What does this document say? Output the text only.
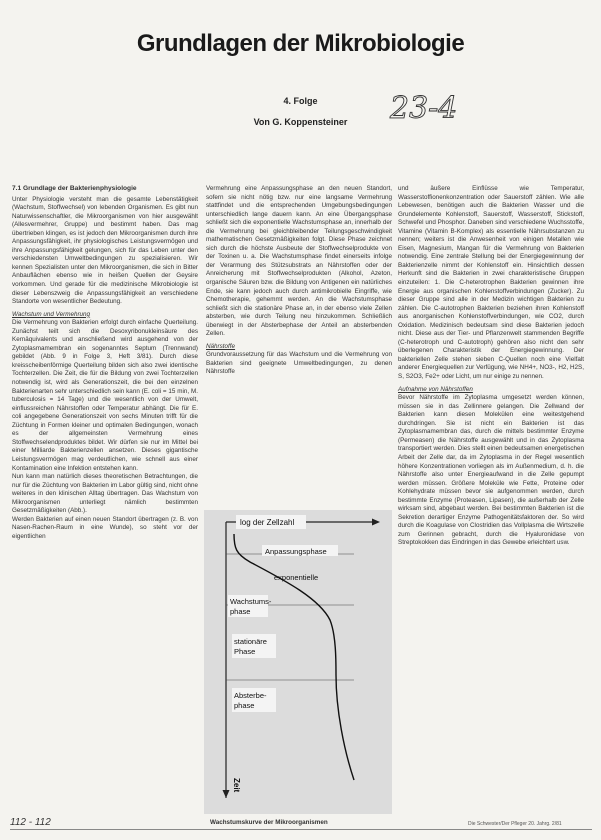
Grundlagen der Mikrobiologie
4. Folge
Von G. Koppensteiner	23-4
7.1 Grundlage der Bakterienphysiologie

Unter Physiologie versteht man die gesamte Lebenstätigkeit (Wachstum, Stoffwechsel) von lebenden Organismen. Es gibt nun Naturwissenschaftler, die Mikroorganismen von hier ausgewählt (Allesvermehrer, Gruppe) und bestimmt haben. Das mag übertrieben klingen, es ist jedoch den Mikroorganismen durch ihre Anpassungsfähigkeit, ihr physiologisches Leistungsvermögen und ihre Anpassungsfähigkeit gelungen, sich für das Leben unter den verschiedensten Umweltbedingungen zu spezialisieren. Wir kennen Spezialisten unter den Mikroorganismen, die sich in Bitter Anbauflächen ebenso wie in heißen Quellen der Geysire vorkommen. Und gerade für die medizinische Mikrobiologie ist dieser Lebenszweig die Anpassungsfähigkeit an verschiedene Standorte von wesentlicher Bedeutung.

Wachstum und Vermehrung

Die Vermehrung von Bakterien erfolgt durch einfache Querteilung. Zunächst teilt sich die Desoxyribonukleinsäure des Kernäquivalents und anschließend wird ausgehend von der Zytoplasmamembran ein sogenanntes Septum (Trennwand) gebildet (Abb. 9 in Folge 3, Heft 3/81). Durch diese kreisscheibenförmige Querteilung bilden sich also zwei identische Tochterzellen. Die Zeit, die für die Bildung von zwei Tochterzellen notwendig ist, wird als Generationszeit, die bei den einzelnen Bakterienarten sehr unterschiedlich sein kann (E. coli = 15 min, M. tuberculosis = 14 Tage) und die wesentlich von der Umwelt, einflussreichen Nährstoffen oder Temperatur abhängt. Die für E. coli angegebene Generationszeit von sechs Minuten trifft für die Züchtung in Formen kleiner und optimalen Bedingungen, wonach es der allgemeinsten Vermehrung eines Stoffwechselendproduktes bildet. Wir dürfen sie nur im Mittel bei einer Milliarde Bakterienzellen ansetzen. Dieses gigantische Leistungsvermögen mag verdeutlichen, wie schnell aus einer Kontamination eine Infektion entstehen kann.

Nun kann man natürlich dieses theoretischen Betrachtungen, die nur für die Züchtung von Bakterien im Labor gültig sind, nicht ohne weiteres in den klinischen Alltag übertragen. Das Wachstum von Mikroorganismen unterliegt nämlich bestimmten Gesetzmäßigkeiten (Abb.).

Werden Bakterien auf einen neuen Standort übertragen (z. B. von Nasen-Rachen-Raum in eine Wunde), so steht vor der eigentlichen

Vermehrung eine Anpassungsphase an den neuen Standort, sofern sie nicht nötig bzw. nur eine langsame Vermehrung stattfindet und die entsprechenden Umgebungsbedingungen unterschiedlich lange dauern kann. An eine Übergangsphase schließt sich die exponentielle Wachstumsphase an, innerhalb der die Vermehrung bei gleichbleibender Teilungsgeschwindigkeit mathematischen Gesetzmäßigkeiten folgt. Diese Phase zeichnet sich durch die höchste Ausbeute der Stoffwechselprodukte von der Toxinen u. a. Die Wachstumsphase findet einerseits infolge der Verarmung des Stützsubstrats an Nährstoffen oder der Anreicherung mit Stoffwechselprodukten (Alkohol, Azeton, organische Säuren bzw. die Bildung von Antigenen ein natürliches Ende, sie kann jedoch auch durch antimikrobielle Eingriffe, wie Chemotherapie, gehemmt werden. An die Wachstumsphase schließt sich die stationäre Phase an, in der ebenso viele Zellen absterben, wie durch Teilung neu hinzukommen. Schließlich überwiegt in der Absterbephase der Anteil an absterbenden Zellen.

Nährstoffe

Grundvoraussetzung für das Wachstum und die Vermehrung von Bakterien sind geeignete Umweltbedingungen, zu denen Nährstoffe

und äußere Einflüsse wie Temperatur, Wasserstoffionenkonzentration oder Sauerstoff zählen. Wie alle Lebewesen, benötigen auch die Bakterien Wasser und die Grundelemente Kohlenstoff, Sauerstoff, Wasserstoff, Stickstoff, Schwefel und Phosphor. Daneben sind verschiedene Wuchsstoffe, Vitamine (Vitamin B-Komplex) als essentielle Nährsubstanzen zu nennen; weiters ist die Anwesenheit von einigen Metallen wie Eisen, Magnesium, Mangan für die Vermehrung von Bakterien notwendig. Eine zentrale Stellung bei der Energiegewinnung der Bakterienzelle nimmt der Kohlenstoff ein. Hinsichtlich dessen Herkunft sind die Bakterien in zwei charakteristische Gruppen einzuteilen: 1. Die C-heterotrophen Bakterien gewinnen ihre Energie aus organischen Kohlenstoffverbindungen (Zucker). Zu dieser Gruppe sind alle in der Medizin wichtigen Bakterien zu zählen. Die C-autotrophen Bakterien beziehen ihren Kohlenstoff aus anorganischen Kohlenstoffverbindungen, wie CO2, durch Oxidation. Medizinisch bedeutsam sind diese Bakterien jedoch nicht. Diese aus der Tier- und Pflanzenwelt stammenden Begriffe (C-heterotroph und C-autotroph) gehören also nicht den sehr überlegenen Charakteristik der Energiegewinnung. Der bakteriellen Zelle stehen sieben C-Quellen noch eine Vielfalt anderer Energiequellen zur Verfügung, wie NH4+, NO3-, H2, H2S, S, S2O3, Fe2+ oder Licht, um nur einige zu nennen.

Aufnahme von Nährstoffen

Bevor Nährstoffe im Zytoplasma umgesetzt werden können, müssen sie in das Zellinnere gelangen. Die Zellwand der Bakterien kann diesen Molekülen eine weitestgehend durchdringen. Sie ist nicht ein Bakterien ist das Zytoplasmamembran das, durch die mittels bestimmter Enzyme (Permeasen) die Nährstoffe ausgewählt und in das Zytoplasma transportiert werden. Dies stellt einen bedeutsamen energetischen Arbeit der Zelle dar, da im Zytoplasma in der Regel wesentlich höhere Konzentrationen vorliegen als im Außenmedium, d. h. die Nährstoffe also unter Energieaufwand in die Zelle gepumpt werden müssen. Größere Moleküle wie Fette, Proteine oder Kohlehydrate müssen bevor sie aufgenommen werden, durch bestimmte Enzyme (Proteasen, Lipasen), die außerhalb der Zelle wirksam sind, abgebaut werden. Bei bestimmten Bakterien ist die Sekretion derartiger Enzyme Pathogenitätsfaktoren der. So wird durch die Koagulase von Clostridien das Vollplasma die Wirtszelle zum Gerinnen gebracht, durch die Hyaluronidase von Streptokokken das Eindringen in das Gewebe erleichtert usw.

log der Zellzahl
Zeit
Anpassungsphase
exponentielle
Wachstums-
phase
stationäre
Phase
Absterbe-
phase
Wachstumskurve der Mikroorganismen
112 - 112	Die Schwester/Der Pfleger 20. Jahrg. 2/81
